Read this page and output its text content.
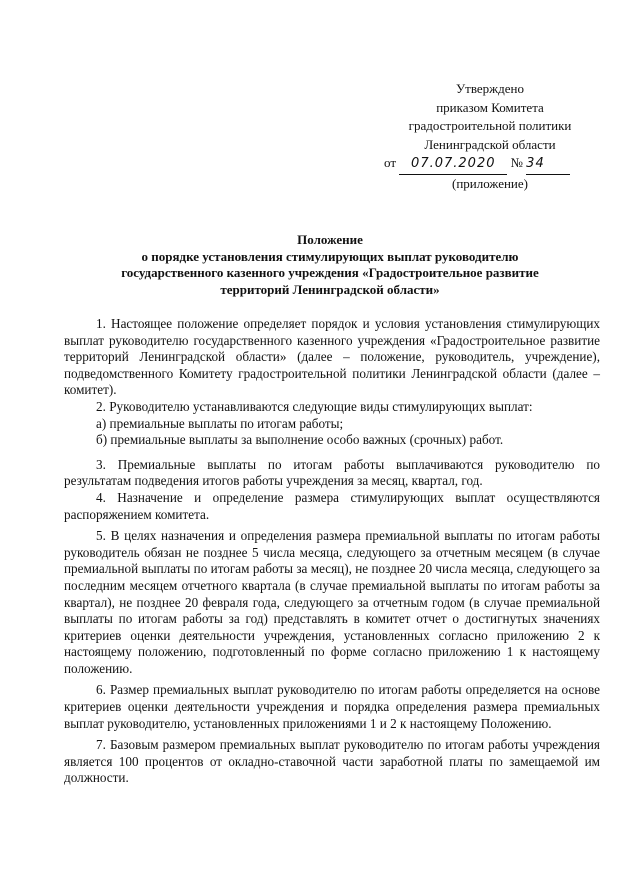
Утверждено
приказом Комитета
градостроительной политики
Ленинградской области
от 07.07.2020 № 34
(приложение)
Положение
о порядке установления стимулирующих выплат руководителю
государственного казенного учреждения «Градостроительное развитие
территорий Ленинградской области»

1. Настоящее положение определяет порядок и условия установления стимулирующих выплат руководителю государственного казенного учреждения «Градостроительное развитие территорий Ленинградской области» (далее – положение, руководитель, учреждение), подведомственного Комитету градостроительной политики Ленинградской области (далее – комитет).

2. Руководителю устанавливаются следующие виды стимулирующих выплат:

а) премиальные выплаты по итогам работы;

б) премиальные выплаты за выполнение особо важных (срочных) работ.

3. Премиальные выплаты по итогам работы выплачиваются руководителю по результатам подведения итогов работы учреждения за месяц, квартал, год.

4. Назначение и определение размера стимулирующих выплат осуществляются распоряжением комитета.

5. В целях назначения и определения размера премиальной выплаты по итогам работы руководитель обязан не позднее 5 числа месяца, следующего за отчетным месяцем (в случае премиальной выплаты по итогам работы за месяц), не позднее 20 числа месяца, следующего за последним месяцем отчетного квартала (в случае премиальной выплаты по итогам работы за квартал), не позднее 20 февраля года, следующего за отчетным годом (в случае премиальной выплаты по итогам работы за год) представлять в комитет отчет о достигнутых значениях критериев оценки деятельности учреждения, установленных согласно приложению 2 к настоящему положению, подготовленный по форме согласно приложению 1 к настоящему положению.

6. Размер премиальных выплат руководителю по итогам работы определяется на основе критериев оценки деятельности учреждения и порядка определения размера премиальных выплат руководителю, установленных приложениями 1 и 2 к настоящему Положению.

7. Базовым размером премиальных выплат руководителю по итогам работы учреждения является 100 процентов от окладно-ставочной части заработной платы по замещаемой им должности.
